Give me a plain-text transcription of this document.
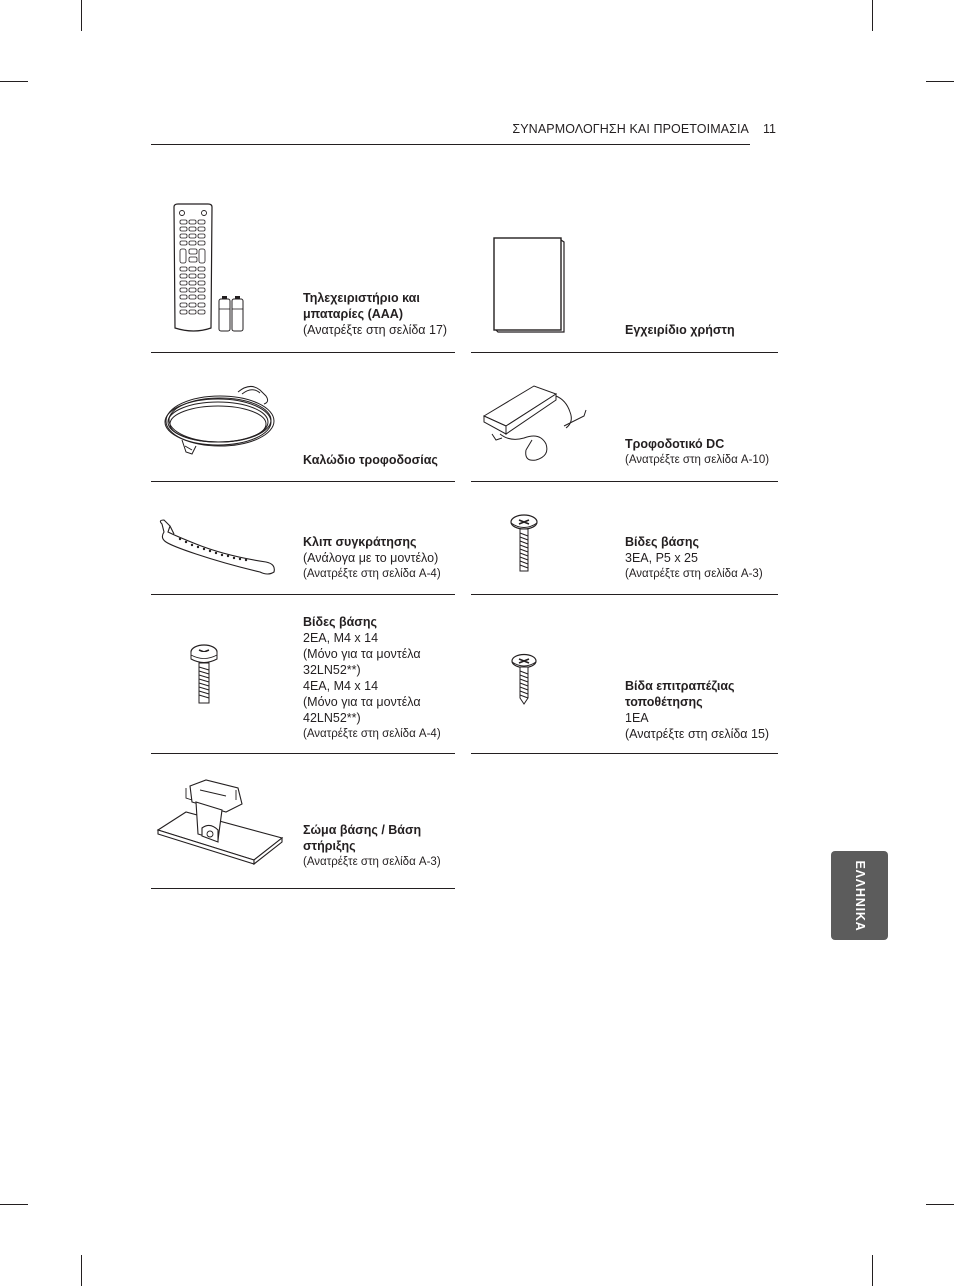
ΣΥΝΑΡΜΟΛΟΓΗΣΗ ΚΑΙ ΠΡΟΕΤΟΙΜΑΣΙΑ 11
Τηλεχειριστήριο και μπαταρίες (AAA)
(Ανατρέξτε στη σελίδα 17)	Εγχειρίδιο χρήστη
Καλώδιο τροφοδοσίας
Τροφοδοτικό DC
(Ανατρέξτε στη σελίδα A-10)
Κλιπ συγκράτησης
(Ανάλογα με το μοντέλο)
(Ανατρέξτε στη σελίδα A-4)
Βίδες βάσης
3EA, P5 x 25
(Ανατρέξτε στη σελίδα A-3)
Βίδες βάσης
2EA, M4 x 14
(Μόνο για τα μοντέλα
32LN52**)
4EA, M4 x 14
(Μόνο για τα μοντέλα
42LN52**)
(Ανατρέξτε στη σελίδα A-4)
Βίδα επιτραπέζιας τοποθέτησης
1EA
(Ανατρέξτε στη σελίδα 15)
Σώμα βάσης / Βάση στήριξης
(Ανατρέξτε στη σελίδα A-3)	ΕΛΛΗΝΙΚΑ
